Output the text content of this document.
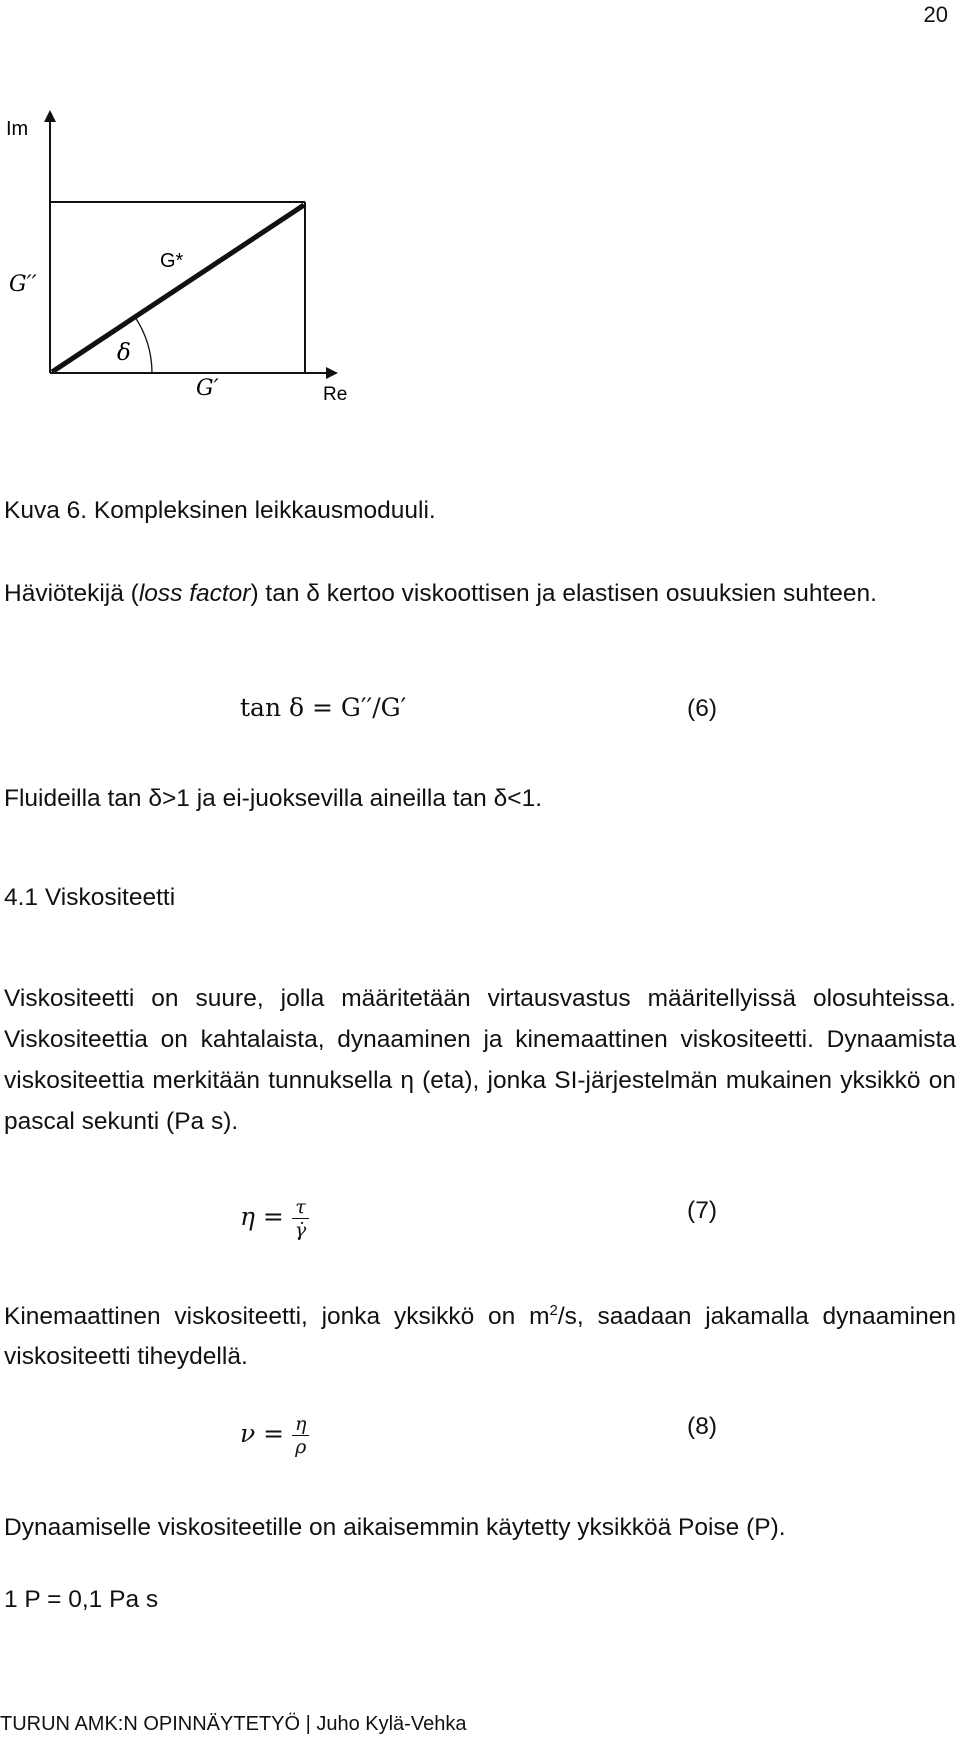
20
Im
Re
G′′
G*
δ
G′
Kuva 6. Kompleksinen leikkausmoduuli.
Häviötekijä (loss factor) tan δ kertoo viskoottisen ja elastisen osuuksien suhteen.
tan δ = G′′/G′	(6)
Fluideilla tan δ>1 ja ei-juoksevilla aineilla tan δ<1.
4.1 Viskositeetti
Viskositeetti on suure, jolla määritetään virtausvastus määritellyissä olosuhteissa. Viskositeettia on kahtalaista, dynaaminen ja kinemaattinen viskositeetti. Dynaamista viskositeettia merkitään tunnuksella η (eta), jonka SI-järjestelmän mukainen yksikkö on pascal sekunti (Pa s).
$\eta = \frac{\tau}{\gammȧ}$	(7)
Kinemaattinen viskositeetti, jonka yksikkö on $m^2/s$, saadaan jakamalla dynaaminen viskositeetti tiheydellä.
$\nu = \frac{\eta}{\rho}$	(8)
Dynaamiselle viskositeetille on aikaisemmin käytetty yksikköä Poise (P).
1 P = 0,1 Pa s
TURUN AMK:N OPINNÄYTETYÖ | Juho Kylä-Vehka
